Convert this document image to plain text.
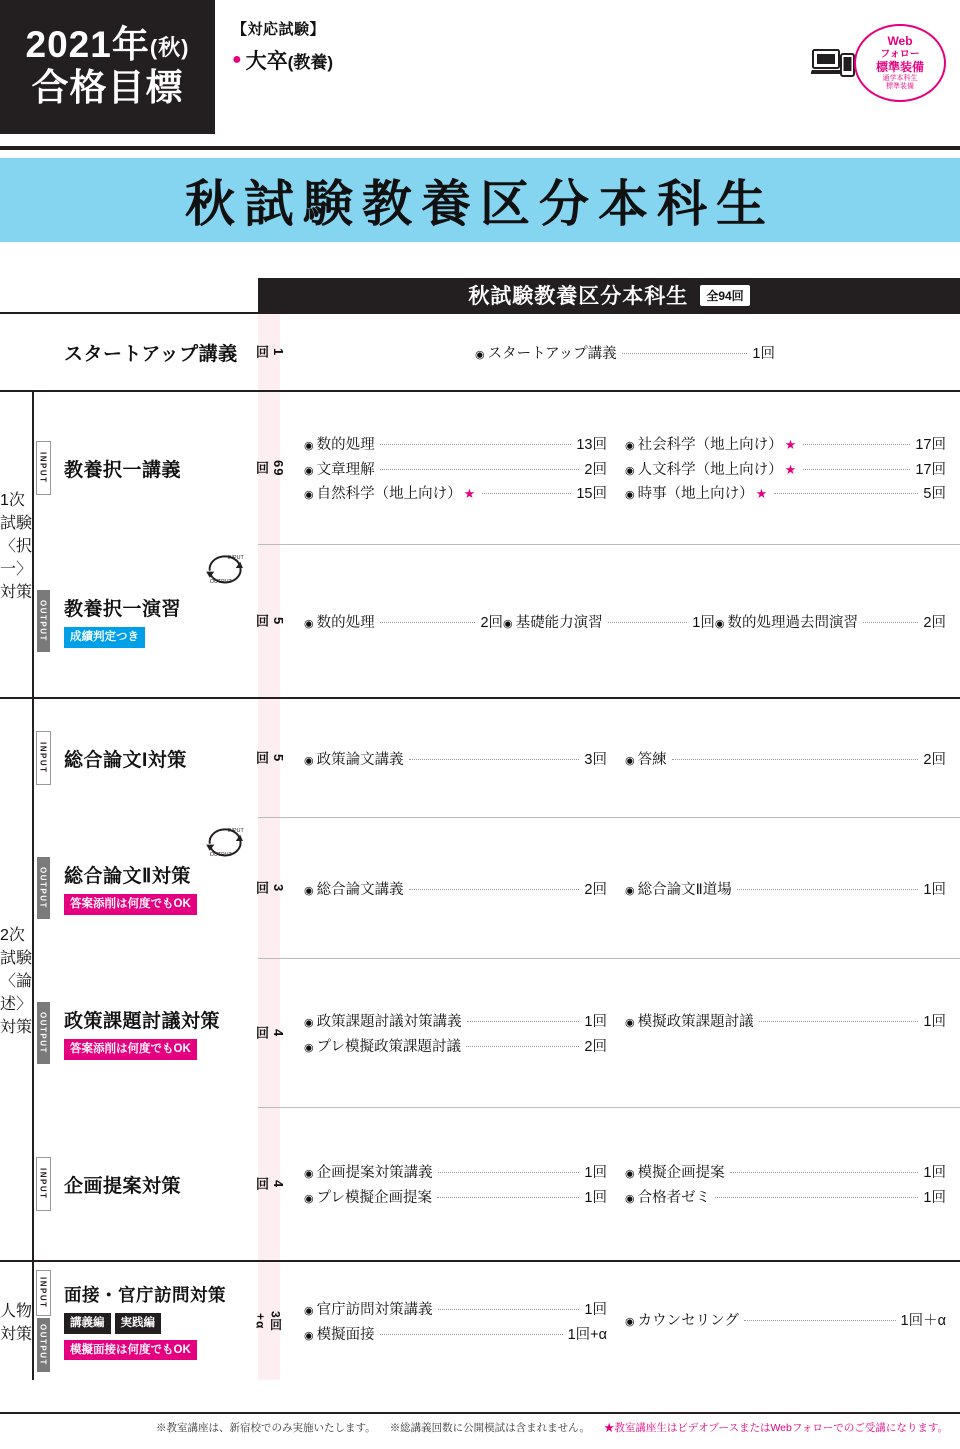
2021年(秋)
合格目標
【対応試験】
● 大卒 (教養)
Web
フォロー
標準装備
通学本科生
標準装備
秋試験教養区分本科生
秋試験教養区分本科生	全94回
スタートアップ講義	1
回	◉ スタートアップ講義	1回
1次試験〈択一〉対策
INPUT 教養択一講義	69
回
◉ 数的処理	13回
◉ 文章理解	2回
◉ 自然科学（地上向け） ★	15回
◉ 社会科学（地上向け） ★	17回
◉ 人文科学（地上向け） ★	17回
◉ 時事（地上向け） ★	5回
OUTPUT
INPUT
OUTPUT
教養択一演習
成績判定つき
5
回	◉ 数的処理	2回 ◉ 基礎能力演習	1回 ◉ 数的処理過去問演習	2回
2次試験〈論述〉対策
INPUT 総合論文I対策	5
回	◉ 政策論文講義	3回 ◉ 答練	2回
OUTPUT
INPUT
OUTPUT
総合論文Ⅱ対策
答案添削は何度でもOK
3
回	◉ 総合論文講義	2回 ◉ 総合論文Ⅱ道場	1回
OUTPUT 政策課題討議対策
答案添削は何度でもOK
4
回
◉ 政策課題討議対策講義	1回
◉ プレ模擬政策課題討議	2回
◉ 模擬政策課題討議	1回
INPUT 企画提案対策	4
回
◉ 企画提案対策講義	1回
◉ プレ模擬企画提案	1回
◉ 模擬企画提案	1回
◉ 合格者ゼミ	1回
人物対策
INPUT
OUTPUT
面接・官庁訪問対策
講義編	実践編
模擬面接は何度でもOK
3回
+α
◉ 官庁訪問対策講義	1回
◉ 模擬面接	1回+α
◉ カウンセリング	1回＋α
※教室講座は、新宿校でのみ実施いたします。 ※総講義回数に公開模試は含まれません。 ★教室講座生はビデオブースまたはWebフォローでのご受講になります。
